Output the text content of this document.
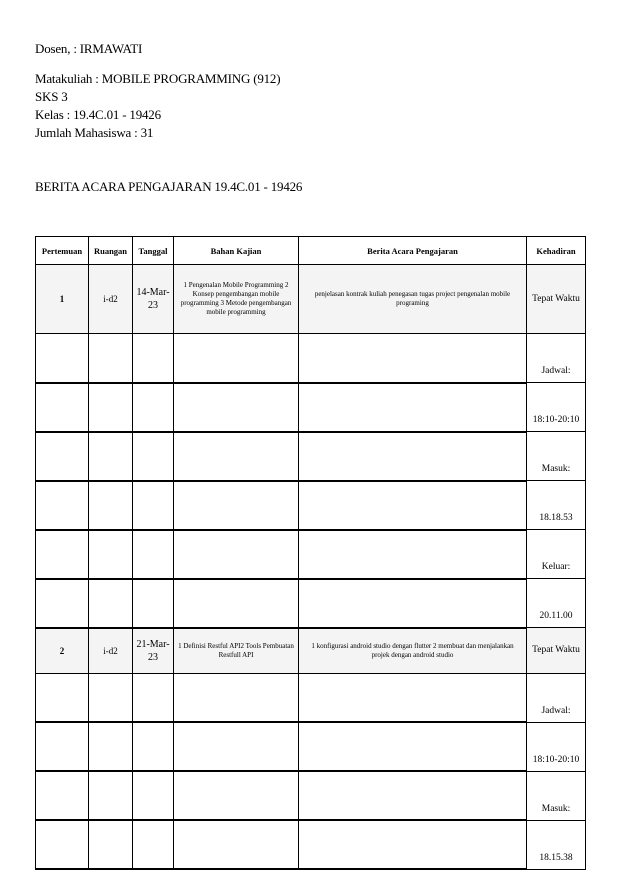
Dosen, : IRMAWATI
Matakuliah : MOBILE PROGRAMMING (912)
SKS 3
Kelas : 19.4C.01 - 19426
Jumlah Mahasiswa : 31
BERITA ACARA PENGAJARAN 19.4C.01 - 19426
Pertemuan	Ruangan	Tanggal	Bahan Kajian	Berita Acara Pengajaran	Kehadiran
1	i-d2	14-Mar-23	1 Pengenalan Mobile Programming 2 Konsep pengembangan mobile programming 3 Metode pengembangan mobile programming	penjelasan kontrak kuliah penegasan tugas project pengenalan mobile programing	Tepat Waktu
					Jadwal:
					18:10-20:10
					Masuk:
					18.18.53
					Keluar:
					20.11.00
2	i-d2	21-Mar-23	1 Definisi Restful API2 Tools Pembuatan Restfull API	1 konfigurasi android studio dengan flutter 2 membuat dan menjalankan projek dengan android studio	Tepat Waktu
					Jadwal:
					18:10-20:10
					Masuk:
					18.15.38
